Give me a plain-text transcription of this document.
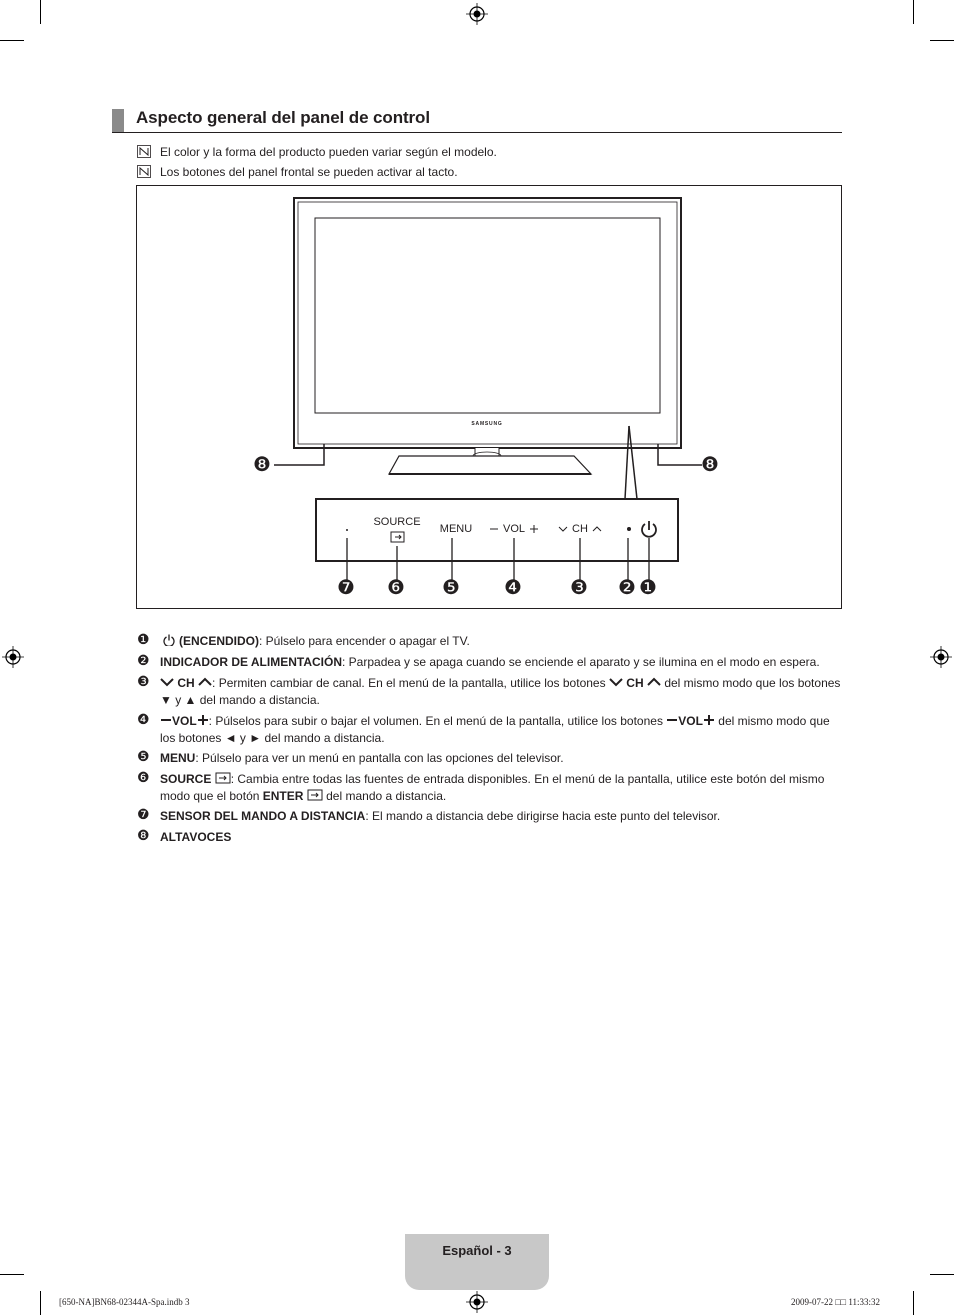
Aspecto general del panel de control
El color y la forma del producto pueden variar según el modelo.
Los botones del panel frontal se pueden activar al tacto.
SAMSUNG
SOURCE
MENU	VOL	CH
❼ ❻ ❺ ❹ ❸ ❷ ❶
❽	❽
❶	(ENCENDIDO): Púlselo para encender o apagar el TV.
❷ INDICADOR DE ALIMENTACIÓN: Parpadea y se apaga cuando se enciende el aparato y se ilumina en el modo en espera.
❸	CH : Permiten cambiar de canal. En el menú de la pantalla, utilice los botones CH del mismo modo que los botones ▼ y ▲ del mando a distancia.
❹	VOL : Púlselos para subir o bajar el volumen. En el menú de la pantalla, utilice los botones VOL del mismo modo que los botones ◄ y ► del mando a distancia.
❺ MENU: Púlselo para ver un menú en pantalla con las opciones del televisor.
❻ SOURCE : Cambia entre todas las fuentes de entrada disponibles. En el menú de la pantalla, utilice este botón del mismo modo que el botón ENTER del mando a distancia.
❼ SENSOR DEL MANDO A DISTANCIA: El mando a distancia debe dirigirse hacia este punto del televisor.
❽ ALTAVOCES
Español - 3
[650-NA]BN68-02344A-Spa.indb 3	2009-07-22 □□ 11:33:32
